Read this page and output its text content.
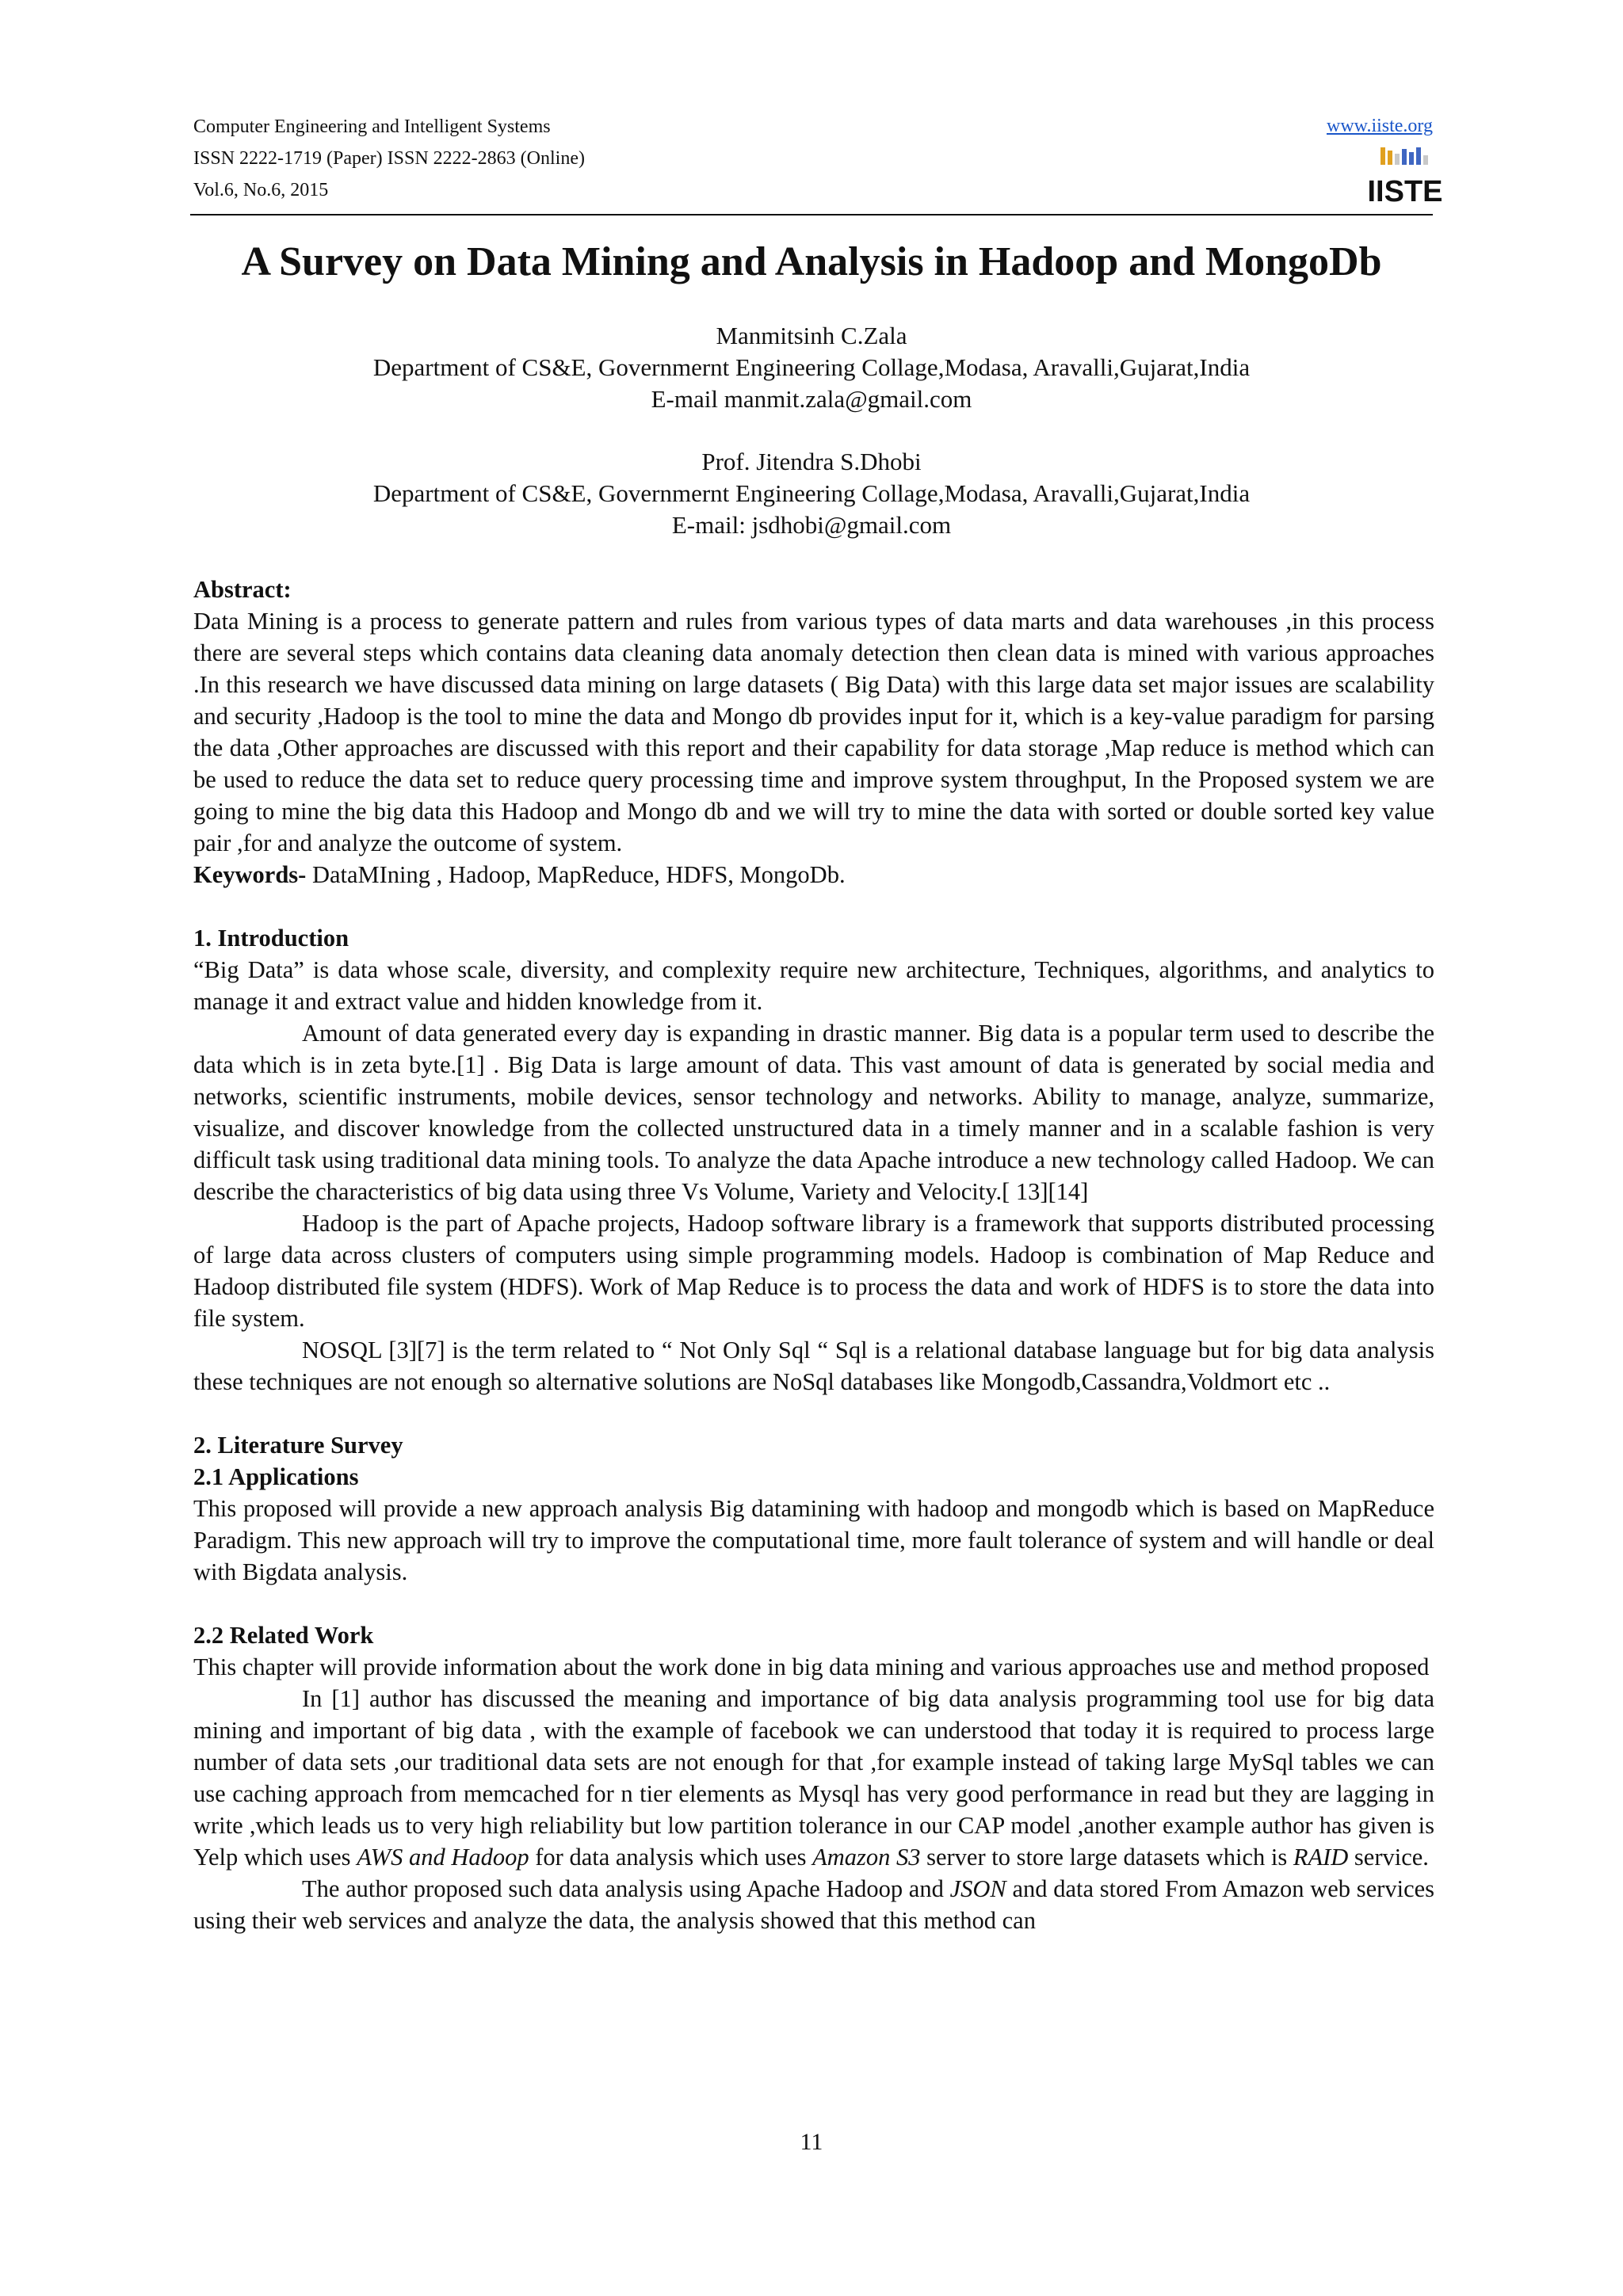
Computer Engineering and Intelligent Systems
ISSN 2222-1719 (Paper) ISSN 2222-2863 (Online)
Vol.6, No.6, 2015
www.iiste.org
IISTE
A Survey on Data Mining and Analysis in Hadoop and MongoDb
Manmitsinh C.Zala
Department of CS&E, Governmernt Engineering Collage,Modasa, Aravalli,Gujarat,India
E-mail manmit.zala@gmail.com
Prof. Jitendra S.Dhobi
Department of CS&E, Governmernt Engineering Collage,Modasa, Aravalli,Gujarat,India
E-mail: jsdhobi@gmail.com

Abstract:

Data Mining is a process to generate pattern and rules from various types of data marts and data warehouses ,in this process there are several steps which contains data cleaning data anomaly detection then clean data is mined with various approaches .In this research we have discussed data mining on large datasets ( Big Data) with this large data set major issues are scalability and security ,Hadoop is the tool to mine the data and Mongo db provides input for it, which is a key-value paradigm for parsing the data ,Other approaches are discussed with this report and their capability for data storage ,Map reduce is method which can be used to reduce the data set to reduce query processing time and improve system throughput, In the Proposed system we are going to mine the big data this Hadoop and Mongo db and we will try to mine the data with sorted or double sorted key value pair ,for and analyze the outcome of system.

Keywords- DataMIning , Hadoop, MapReduce, HDFS, MongoDb.

1. Introduction

“Big Data” is data whose scale, diversity, and complexity require new architecture, Techniques, algorithms, and analytics to manage it and extract value and hidden knowledge from it.

Amount of data generated every day is expanding in drastic manner. Big data is a popular term used to describe the data which is in zeta byte.[1] . Big Data is large amount of data. This vast amount of data is generated by social media and networks, scientific instruments, mobile devices, sensor technology and networks. Ability to manage, analyze, summarize, visualize, and discover knowledge from the collected unstructured data in a timely manner and in a scalable fashion is very difficult task using traditional data mining tools. To analyze the data Apache introduce a new technology called Hadoop. We can describe the characteristics of big data using three Vs Volume, Variety and Velocity.[ 13][14]

Hadoop is the part of Apache projects, Hadoop software library is a framework that supports distributed processing of large data across clusters of computers using simple programming models. Hadoop is combination of Map Reduce and Hadoop distributed file system (HDFS). Work of Map Reduce is to process the data and work of HDFS is to store the data into file system.

NOSQL [3][7] is the term related to “ Not Only Sql “ Sql is a relational database language but for big data analysis these techniques are not enough so alternative solutions are NoSql databases like Mongodb,Cassandra,Voldmort etc ..

2. Literature Survey

2.1 Applications

This proposed will provide a new approach analysis Big datamining with hadoop and mongodb which is based on MapReduce Paradigm. This new approach will try to improve the computational time, more fault tolerance of system and will handle or deal with Bigdata analysis.

2.2 Related Work

This chapter will provide information about the work done in big data mining and various approaches use and method proposed

In [1] author has discussed the meaning and importance of big data analysis programming tool use for big data mining and important of big data , with the example of facebook we can understood that today it is required to process large number of data sets ,our traditional data sets are not enough for that ,for example instead of taking large MySql tables we can use caching approach from memcached for n tier elements as Mysql has very good performance in read but they are lagging in write ,which leads us to very high reliability but low partition tolerance in our CAP model ,another example author has given is Yelp which uses AWS and Hadoop for data analysis which uses Amazon S3 server to store large datasets which is RAID service.

The author proposed such data analysis using Apache Hadoop and JSON and data stored From Amazon web services using their web services and analyze the data, the analysis showed that this method can

11
